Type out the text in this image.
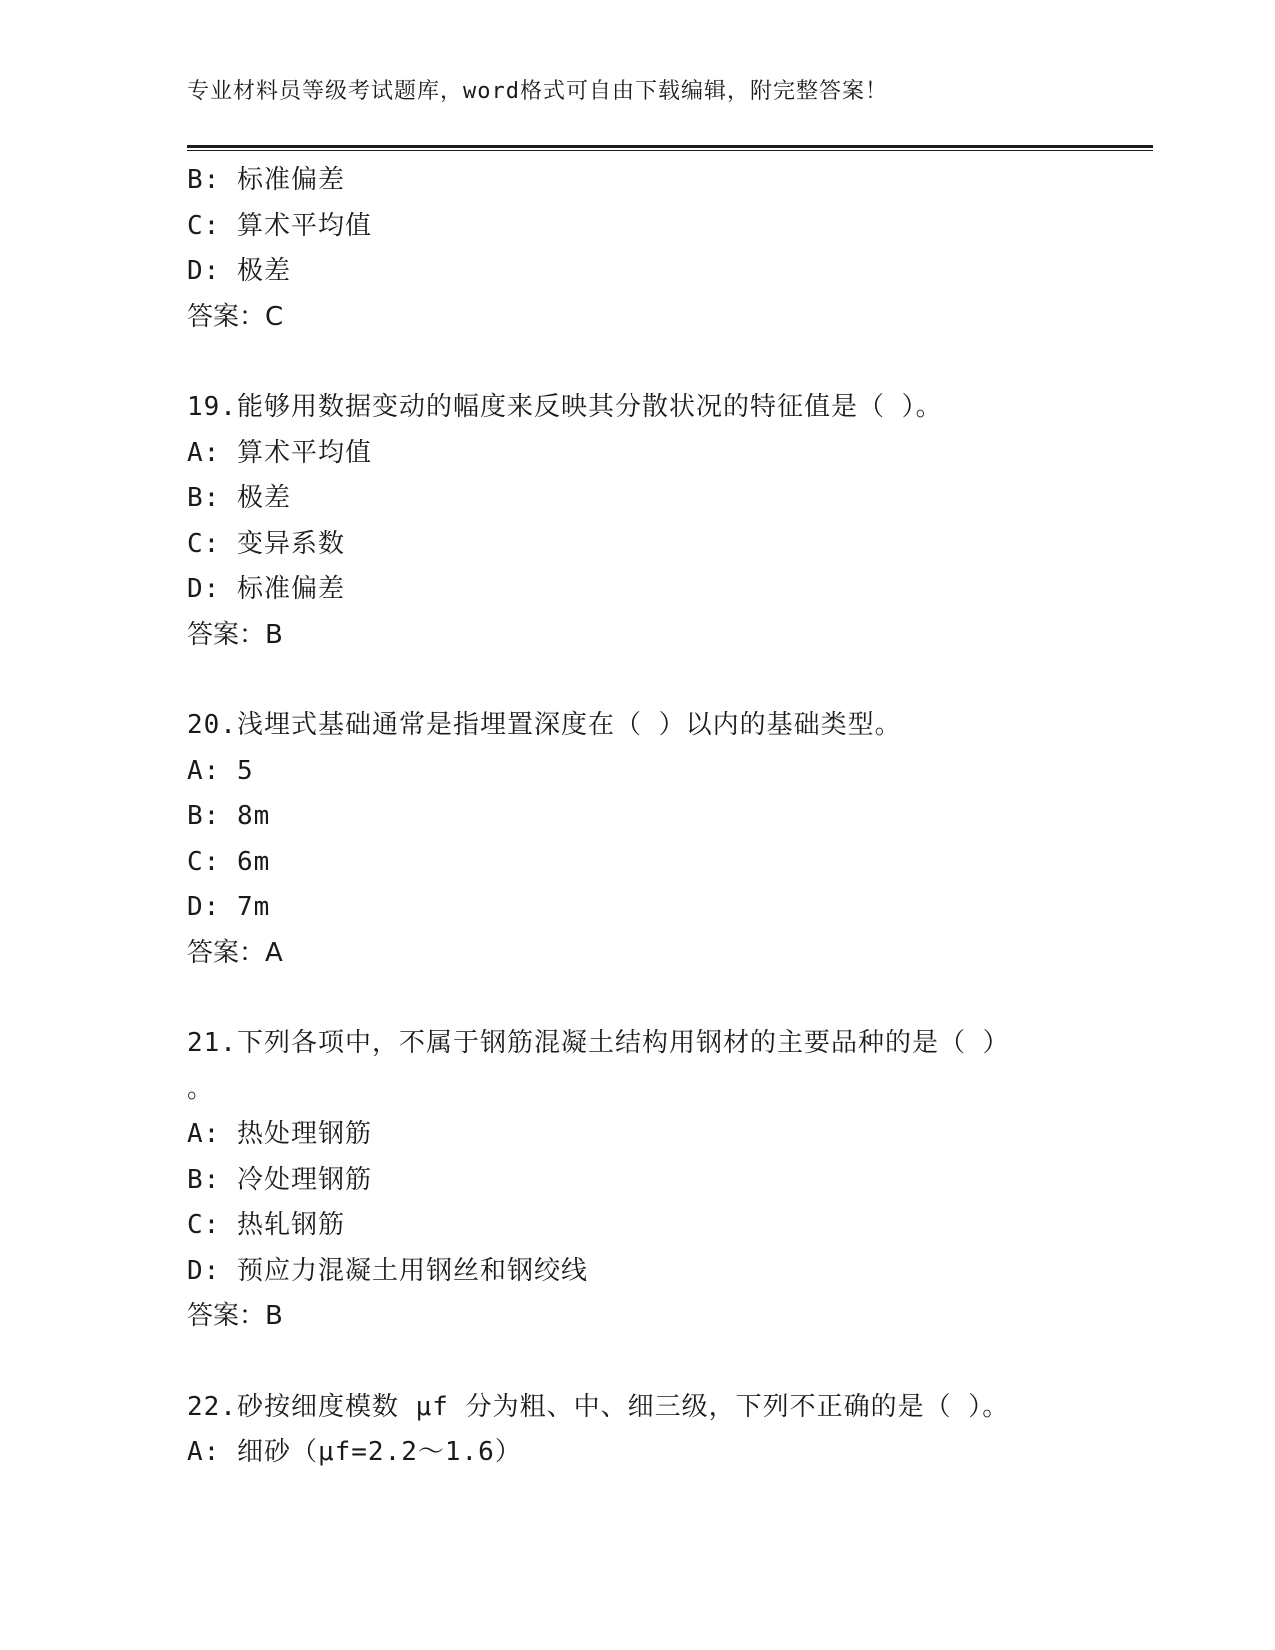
专业材料员等级考试题库，word格式可自由下载编辑，附完整答案！
B: 标准偏差
C: 算术平均值
D: 极差
答案：C
19.能够用数据变动的幅度来反映其分散状况的特征值是（ ）。
A: 算术平均值
B: 极差
C: 变异系数
D: 标准偏差
答案：B
20.浅埋式基础通常是指埋置深度在（ ）以内的基础类型。
A: 5
B: 8m
C: 6m
D: 7m
答案：A
21.下列各项中，不属于钢筋混凝土结构用钢材的主要品种的是（ ）
。
A: 热处理钢筋
B: 冷处理钢筋
C: 热轧钢筋
D: 预应力混凝土用钢丝和钢绞线
答案：B
22.砂按细度模数 μf 分为粗、中、细三级，下列不正确的是（ ）。
A: 细砂（μf=2.2～1.6）
